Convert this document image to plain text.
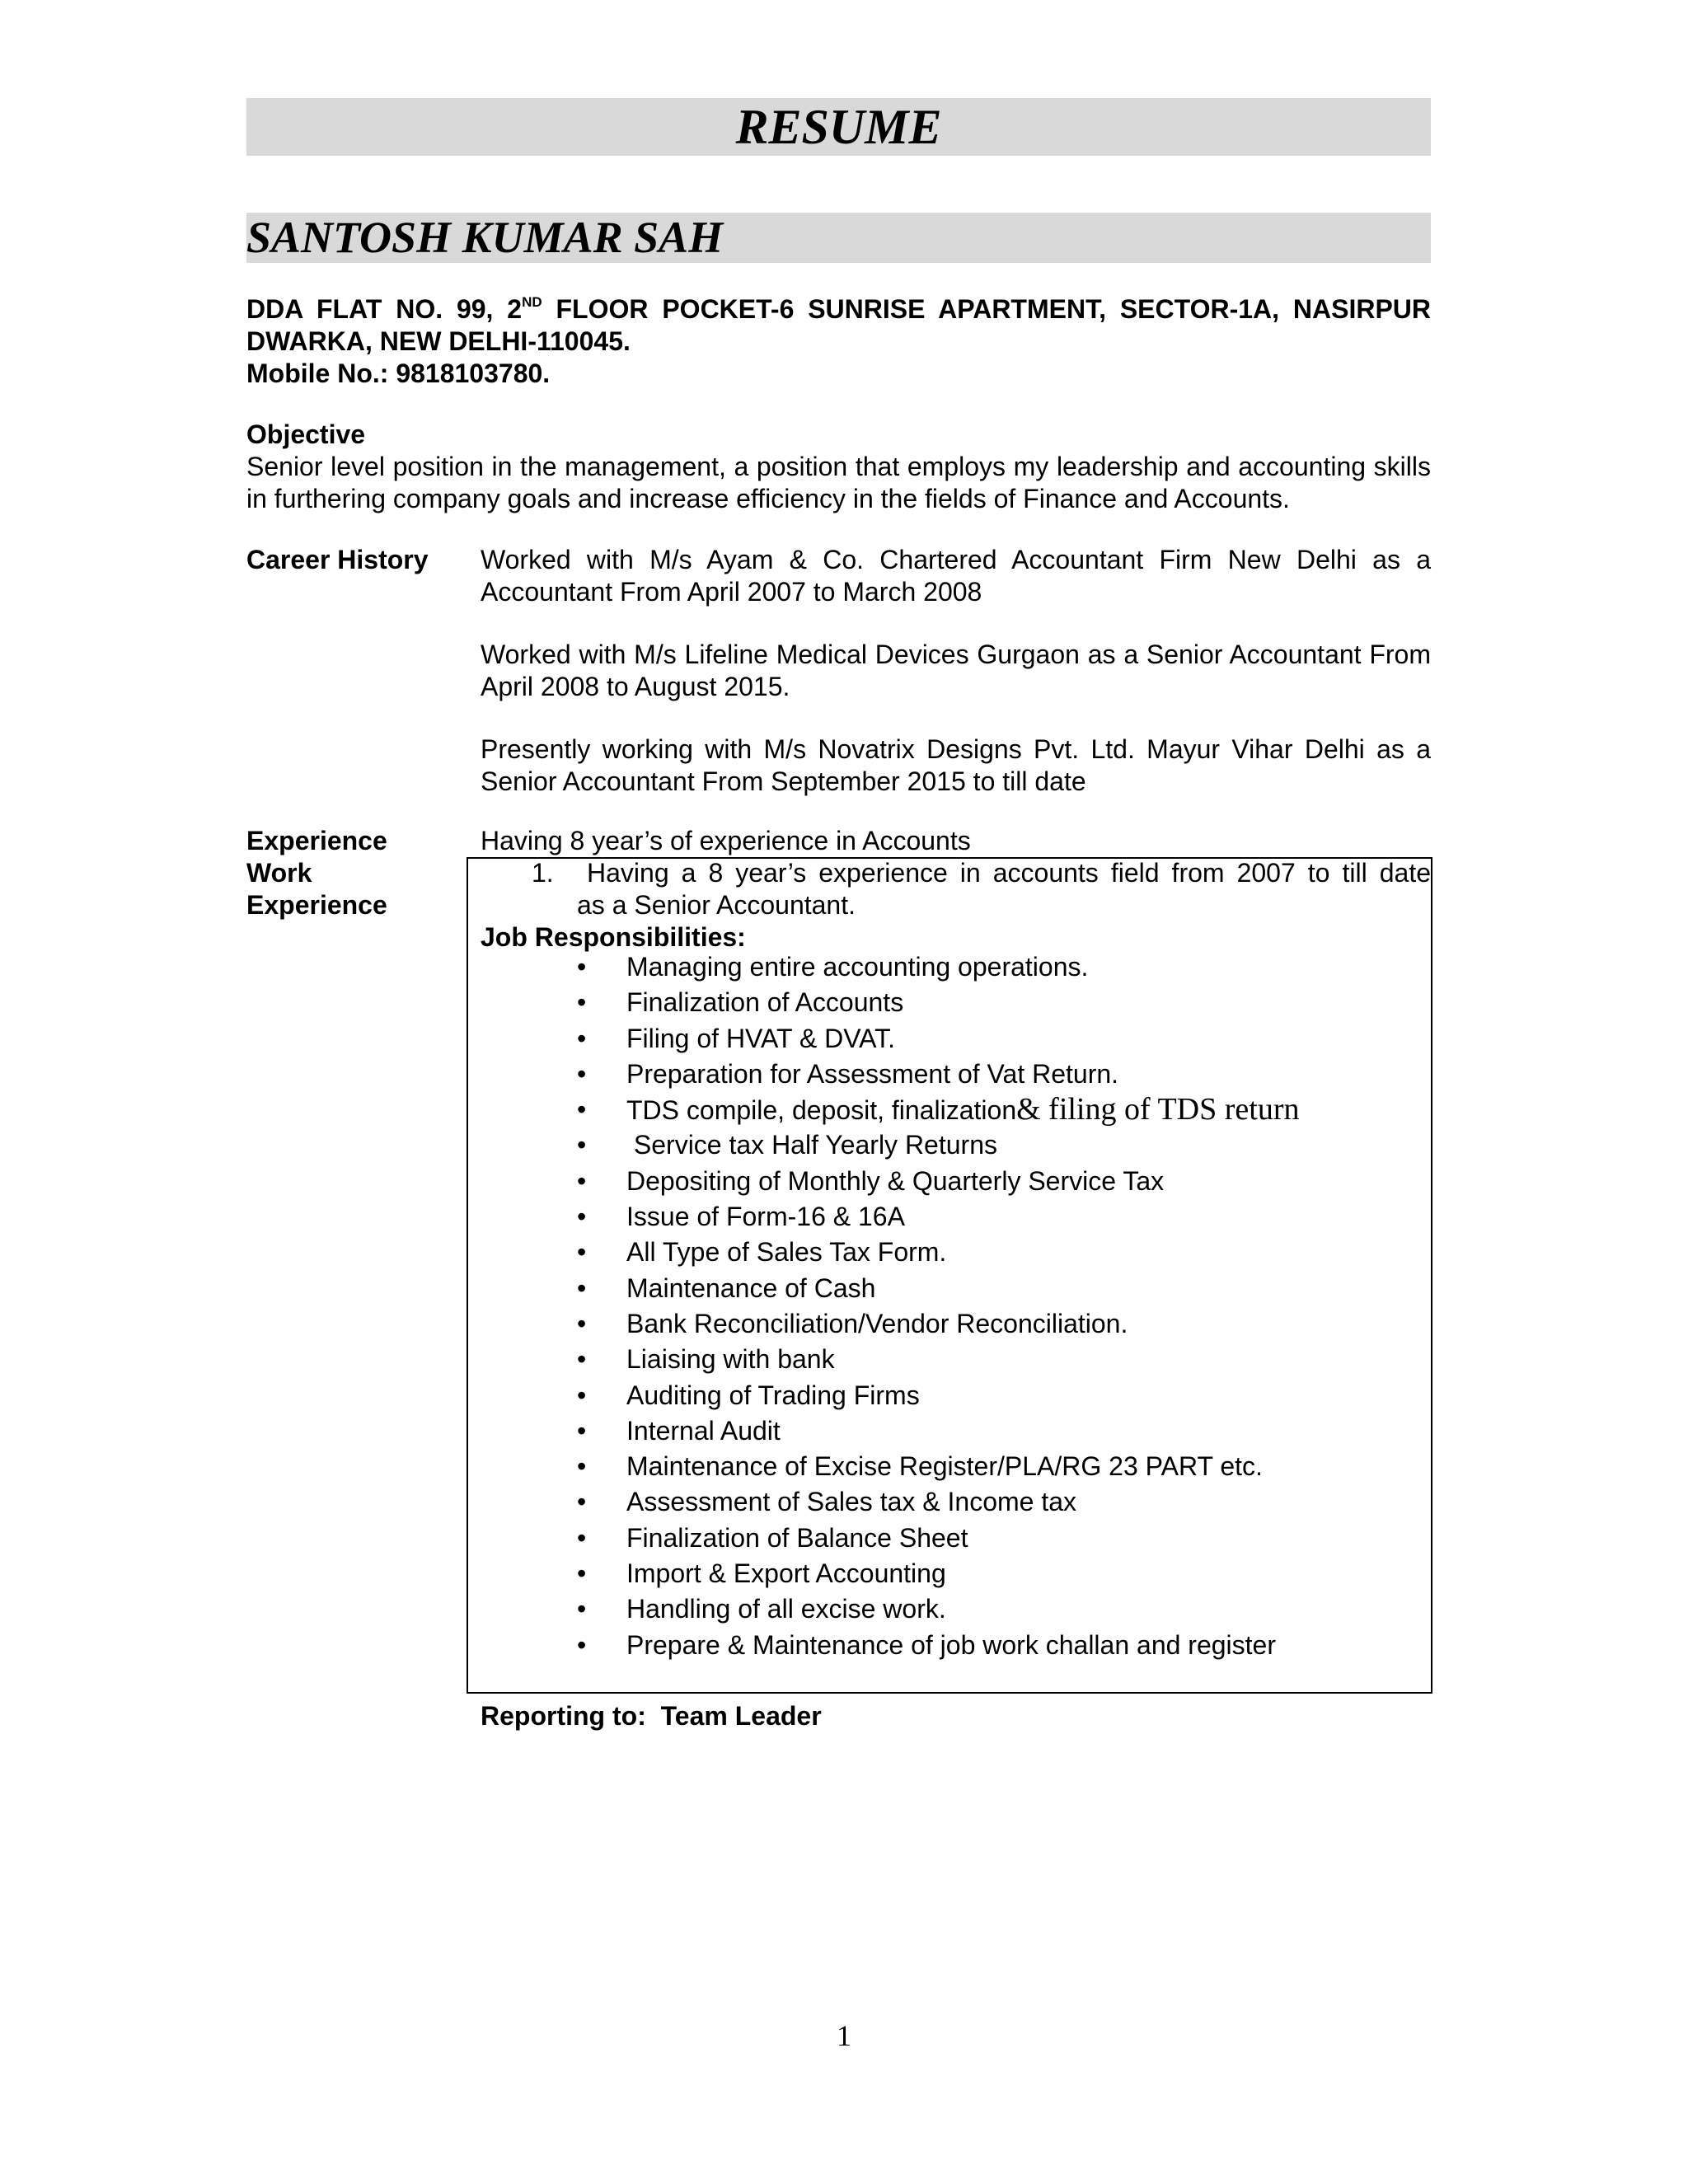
RESUME
SANTOSH KUMAR SAH
DDA FLAT NO. 99, 2ND FLOOR POCKET-6 SUNRISE APARTMENT, SECTOR-1A, NASIRPUR
DWARKA, NEW DELHI-110045.
Mobile No.: 9818103780.
Objective
Senior level position in the management, a position that employs my leadership and accounting skills in furthering company goals and increase efficiency in the fields of Finance and Accounts.
Career History Worked with M/s Ayam & Co. Chartered Accountant Firm New Delhi as a Accountant From April 2007 to March 2008
Worked with M/s Lifeline Medical Devices Gurgaon as a Senior Accountant From April 2008 to August 2015.
Presently working with M/s Novatrix Designs Pvt. Ltd. Mayur Vihar Delhi as a Senior Accountant From September 2015 to till date
Experience	Having 8 year’s of experience in Accounts
Work
Experience
1. Having a 8 year’s experience in accounts field from 2007 to till date
as a Senior Accountant.
Job Responsibilities:
•	Managing entire accounting operations.
•	Finalization of Accounts
•	Filing of HVAT & DVAT.
•	Preparation for Assessment of Vat Return.
•	TDS compile, deposit, finalization& filing of TDS return
•	Service tax Half Yearly Returns
•	Depositing of Monthly & Quarterly Service Tax
•	Issue of Form-16 & 16A
•	All Type of Sales Tax Form.
•	Maintenance of Cash
•	Bank Reconciliation/Vendor Reconciliation.
•	Liaising with bank
•	Auditing of Trading Firms
•	Internal Audit
•	Maintenance of Excise Register/PLA/RG 23 PART etc.
•	Assessment of Sales tax & Income tax
•	Finalization of Balance Sheet
•	Import & Export Accounting
•	Handling of all excise work.
•	Prepare & Maintenance of job work challan and register
Reporting to:  Team Leader
1
